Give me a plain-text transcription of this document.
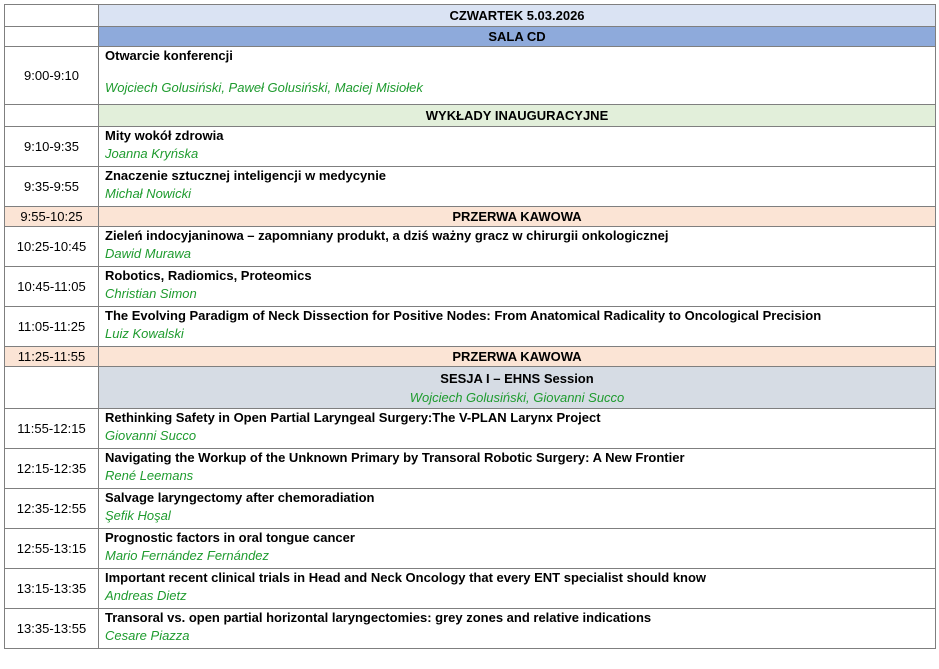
	CZWARTEK 5.03.2026
	SALA CD
9:00-9:10	Otwarcie konferencji
Wojciech Golusiński, Paweł Golusiński, Maciej Misiołek

	WYKŁADY INAUGURACYJNE
9:10-9:35	Mity wokół zdrowia
Joanna Kryńska

9:35-9:55	Znaczenie sztucznej inteligencji w medycynie
Michał Nowicki

9:55-10:25	PRZERWA KAWOWA
10:25-10:45	Zieleń indocyjaninowa – zapomniany produkt, a dziś ważny gracz w chirurgii onkologicznej
Dawid Murawa

10:45-11:05	Robotics, Radiomics, Proteomics
Christian Simon

11:05-11:25	The Evolving Paradigm of Neck Dissection for Positive Nodes: From Anatomical Radicality to Oncological Precision
Luiz Kowalski

11:25-11:55	PRZERWA KAWOWA

	SESJA I – EHNS Session
Wojciech Golusiński, Giovanni Succo

11:55-12:15	Rethinking Safety in Open Partial Laryngeal Surgery:The V-PLAN Larynx Project
Giovanni Succo

12:15-12:35	Navigating the Workup of the Unknown Primary by Transoral Robotic Surgery: A New Frontier
René Leemans

12:35-12:55	Salvage laryngectomy after chemoradiation
Şefik Hoşal

12:55-13:15	Prognostic factors in oral tongue cancer
Mario Fernández Fernández

13:15-13:35	Important recent clinical trials in Head and Neck Oncology that every ENT specialist should know
Andreas Dietz

13:35-13:55	Transoral vs. open partial horizontal laryngectomies: grey zones and relative indications
Cesare Piazza
